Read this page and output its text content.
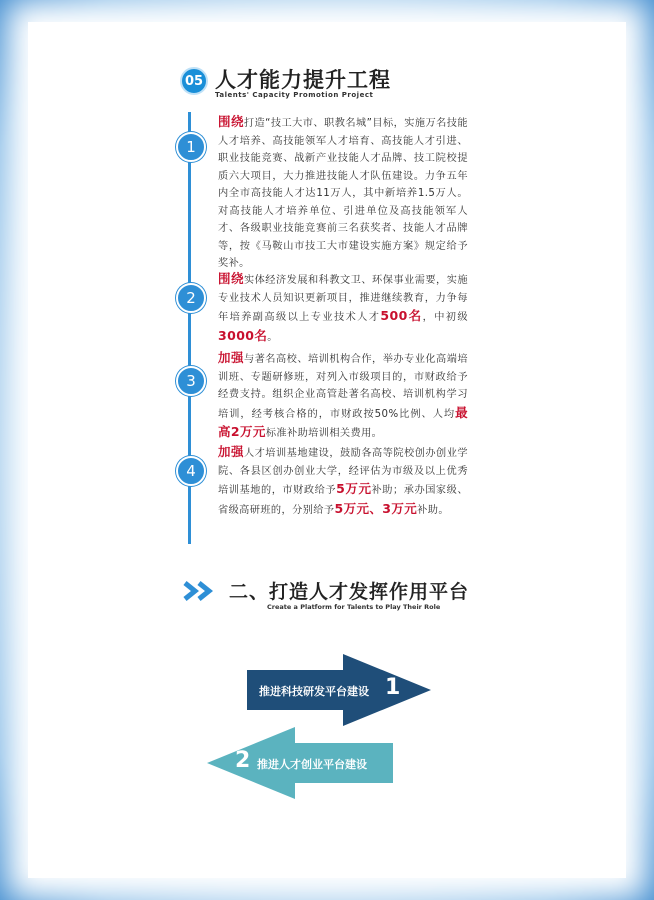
05 人才能力提升工程
Talents' Capacity Promotion Project
1
围绕打造“技工大市、职教名城”目标，实施万名技能人才培养、高技能领军人才培育、高技能人才引进、职业技能竞赛、战新产业技能人才品牌、技工院校提质六大项目，大力推进技能人才队伍建设。力争五年内全市高技能人才达11万人，其中新培养1.5万人。对高技能人才培养单位、引进单位及高技能领军人才、各级职业技能竞赛前三名获奖者、技能人才品牌等，按《马鞍山市技工大市建设实施方案》规定给予奖补。
2
围绕实体经济发展和科教文卫、环保事业需要，实施专业技术人员知识更新项目，推进继续教育，力争每年培养副高级以上专业技术人才500名，中初级3000名。
3
加强与著名高校、培训机构合作，举办专业化高端培训班、专题研修班，对列入市级项目的，市财政给予经费支持。组织企业高管赴著名高校、培训机构学习培训，经考核合格的，市财政按50%比例、人均最高2万元标准补助培训相关费用。
4
加强人才培训基地建设，鼓励各高等院校创办创业学院、各县区创办创业大学，经评估为市级及以上优秀培训基地的，市财政给予5万元补助；承办国家级、省级高研班的，分别给予5万元、3万元补助。
二、打造人才发挥作用平台
Create a Platform for Talents to Play Their Role
推进科技研发平台建设 1
2 推进人才创业平台建设
